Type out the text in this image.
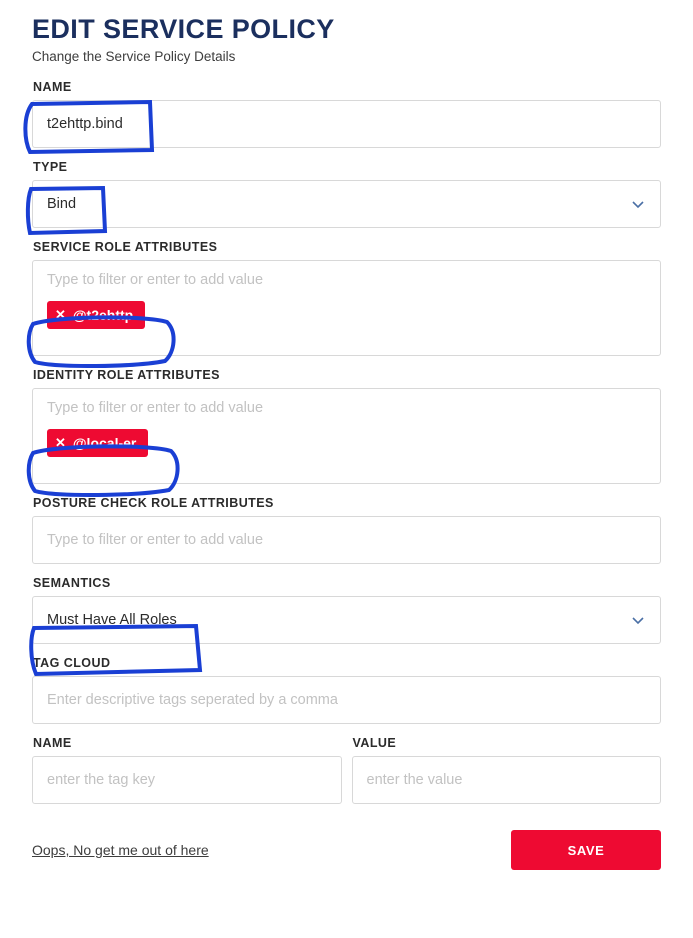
EDIT SERVICE POLICY

Change the Service Policy Details

NAME
t2ehttp.bind
TYPE
Bind
SERVICE ROLE ATTRIBUTES
Type to filter or enter to add value
✕ @t2ehttp
IDENTITY ROLE ATTRIBUTES
Type to filter or enter to add value
✕ @local-er
POSTURE CHECK ROLE ATTRIBUTES
Type to filter or enter to add value
SEMANTICS
Must Have All Roles
TAG CLOUD
Enter descriptive tags seperated by a comma
NAME
enter the tag key
VALUE
enter the value
Oops, No get me out of here	SAVE
